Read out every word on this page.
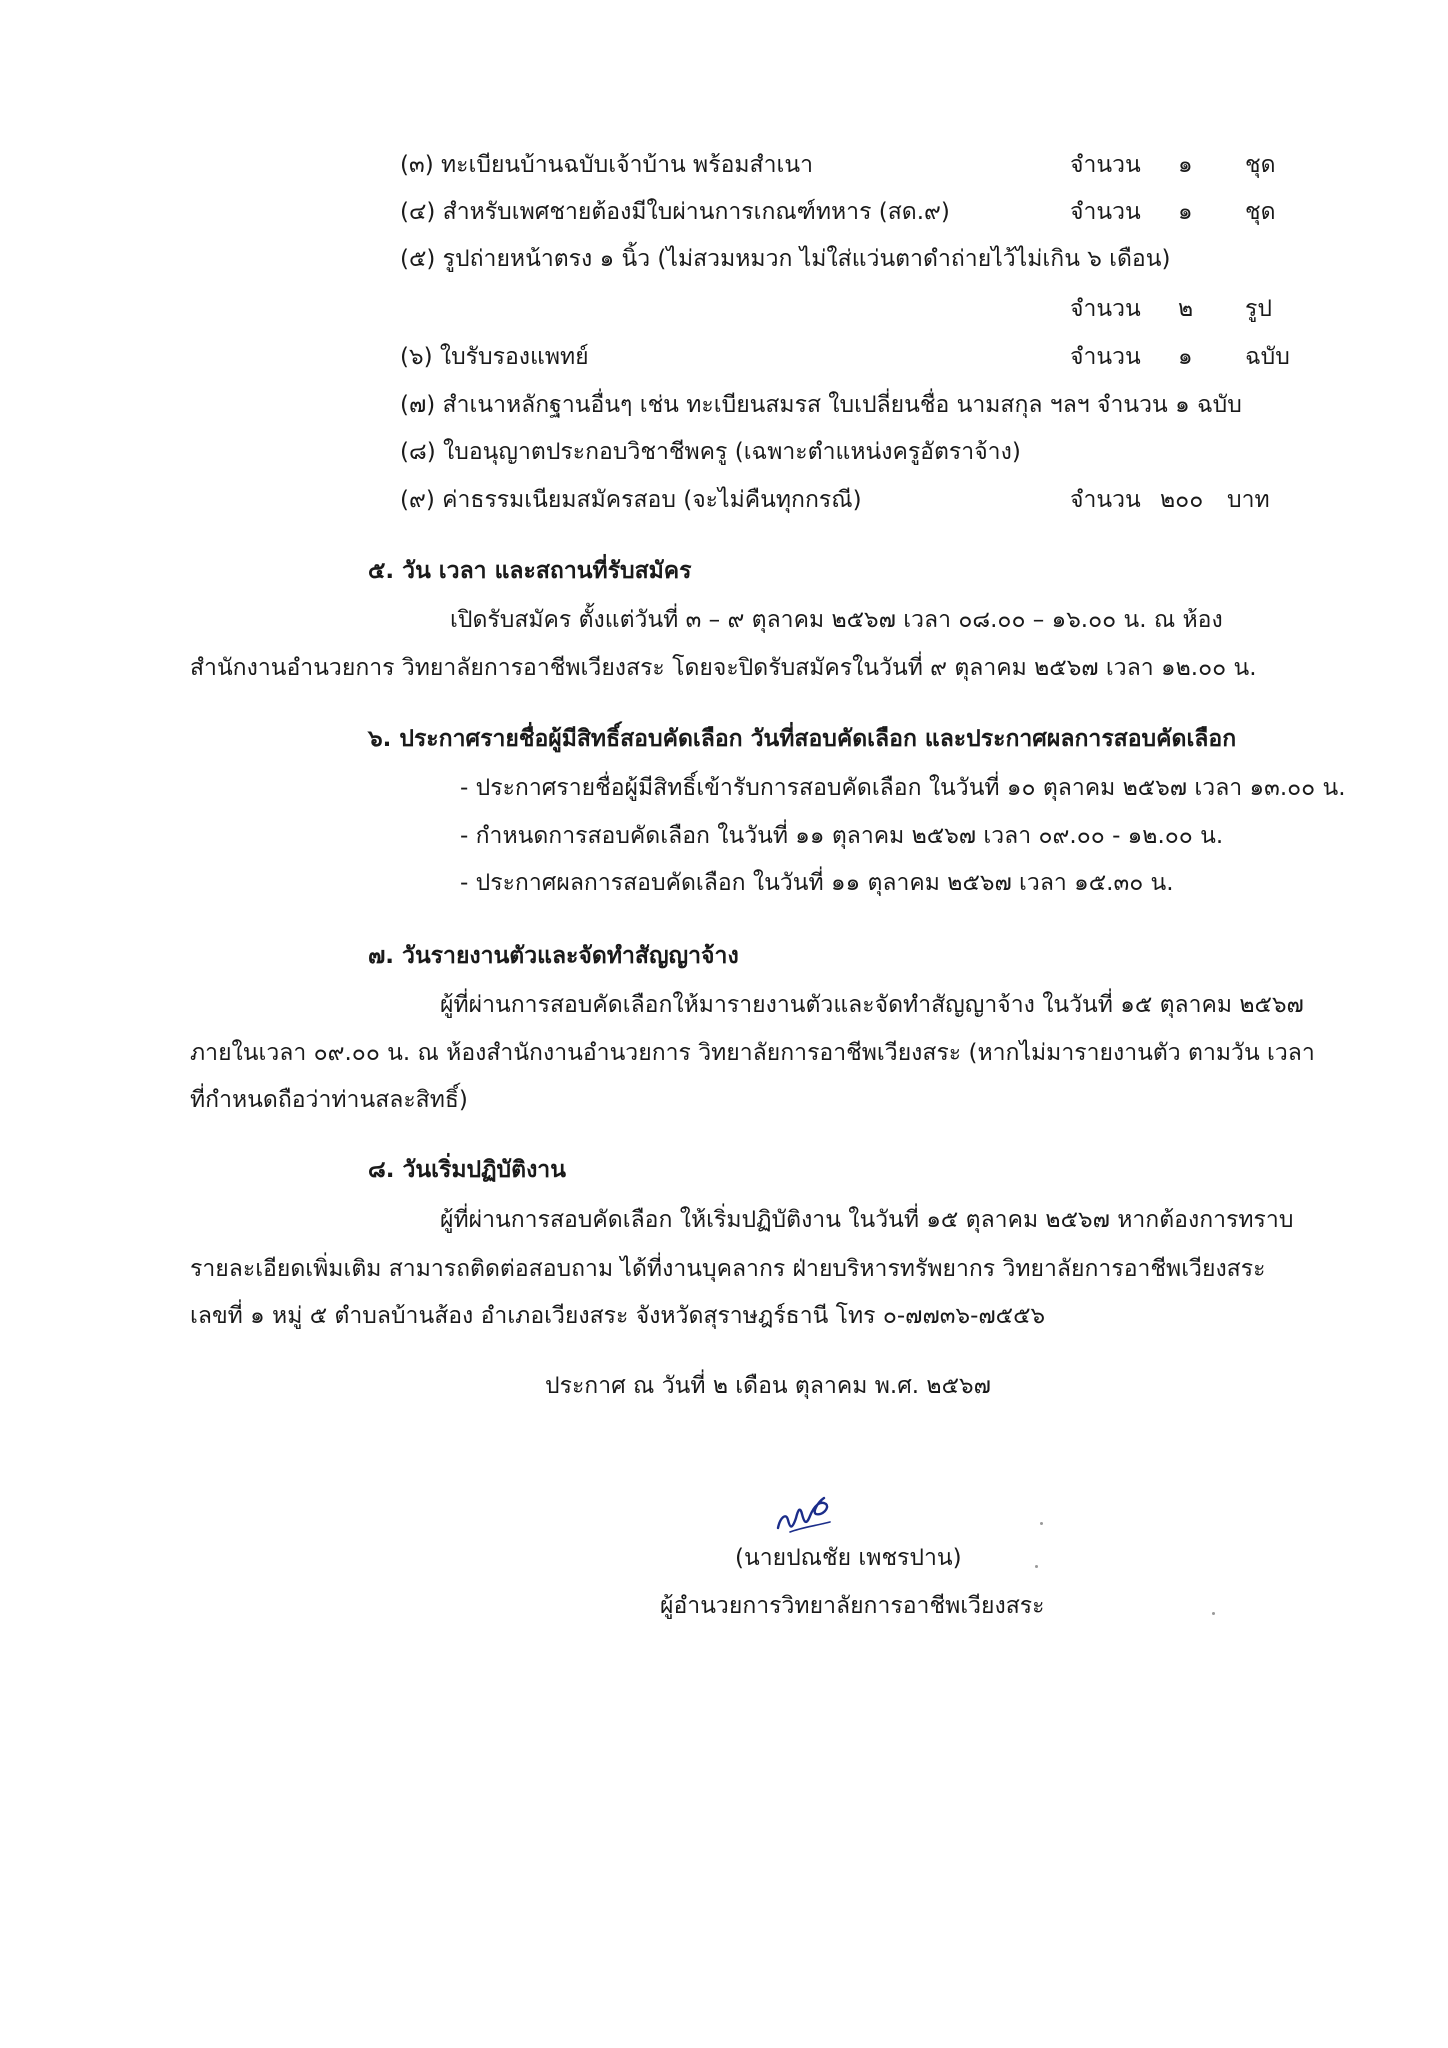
(๓) ทะเบียนบ้านฉบับเจ้าบ้าน พร้อมสำเนา	จำนวน ๑ ชุด
(๔) สำหรับเพศชายต้องมีใบผ่านการเกณฑ์ทหาร (สด.๙)	จำนวน ๑ ชุด
(๕) รูปถ่ายหน้าตรง ๑ นิ้ว (ไม่สวมหมวก ไม่ใส่แว่นตาดำถ่ายไว้ไม่เกิน ๖ เดือน)
จำนวน ๒ รูป
(๖) ใบรับรองแพทย์	จำนวน ๑ ฉบับ
(๗) สำเนาหลักฐานอื่นๆ เช่น ทะเบียนสมรส ใบเปลี่ยนชื่อ นามสกุล ฯลฯ จำนวน ๑ ฉบับ
(๘) ใบอนุญาตประกอบวิชาชีพครู (เฉพาะตำแหน่งครูอัตราจ้าง)
(๙) ค่าธรรมเนียมสมัครสอบ (จะไม่คืนทุกกรณี)	จำนวน ๒๐๐ บาท
๕. วัน เวลา และสถานที่รับสมัคร
เปิดรับสมัคร ตั้งแต่วันที่ ๓ – ๙ ตุลาคม ๒๕๖๗ เวลา ๐๘.๐๐ – ๑๖.๐๐ น. ณ ห้อง
สำนักงานอำนวยการ วิทยาลัยการอาชีพเวียงสระ โดยจะปิดรับสมัครในวันที่ ๙ ตุลาคม ๒๕๖๗ เวลา ๑๒.๐๐ น.
๖. ประกาศรายชื่อผู้มีสิทธิ์สอบคัดเลือก วันที่สอบคัดเลือก และประกาศผลการสอบคัดเลือก
- ประกาศรายชื่อผู้มีสิทธิ์เข้ารับการสอบคัดเลือก ในวันที่ ๑๐ ตุลาคม ๒๕๖๗ เวลา ๑๓.๐๐ น.
- กำหนดการสอบคัดเลือก ในวันที่ ๑๑ ตุลาคม ๒๕๖๗ เวลา ๐๙.๐๐ - ๑๒.๐๐ น.
- ประกาศผลการสอบคัดเลือก ในวันที่ ๑๑ ตุลาคม ๒๕๖๗ เวลา ๑๕.๓๐ น.
๗. วันรายงานตัวและจัดทำสัญญาจ้าง
ผู้ที่ผ่านการสอบคัดเลือกให้มารายงานตัวและจัดทำสัญญาจ้าง ในวันที่ ๑๕ ตุลาคม ๒๕๖๗
ภายในเวลา ๐๙.๐๐ น. ณ ห้องสำนักงานอำนวยการ วิทยาลัยการอาชีพเวียงสระ (หากไม่มารายงานตัว ตามวัน เวลา
ที่กำหนดถือว่าท่านสละสิทธิ์)
๘. วันเริ่มปฏิบัติงาน
ผู้ที่ผ่านการสอบคัดเลือก ให้เริ่มปฏิบัติงาน ในวันที่ ๑๕ ตุลาคม ๒๕๖๗ หากต้องการทราบ
รายละเอียดเพิ่มเติม สามารถติดต่อสอบถาม ได้ที่งานบุคลากร ฝ่ายบริหารทรัพยากร วิทยาลัยการอาชีพเวียงสระ
เลขที่ ๑ หมู่ ๕ ตำบลบ้านส้อง อำเภอเวียงสระ จังหวัดสุราษฎร์ธานี โทร ๐-๗๗๓๖-๗๕๕๖
ประกาศ ณ วันที่ ๒ เดือน ตุลาคม พ.ศ. ๒๕๖๗
(นายปณชัย เพชรปาน)
ผู้อำนวยการวิทยาลัยการอาชีพเวียงสระ
